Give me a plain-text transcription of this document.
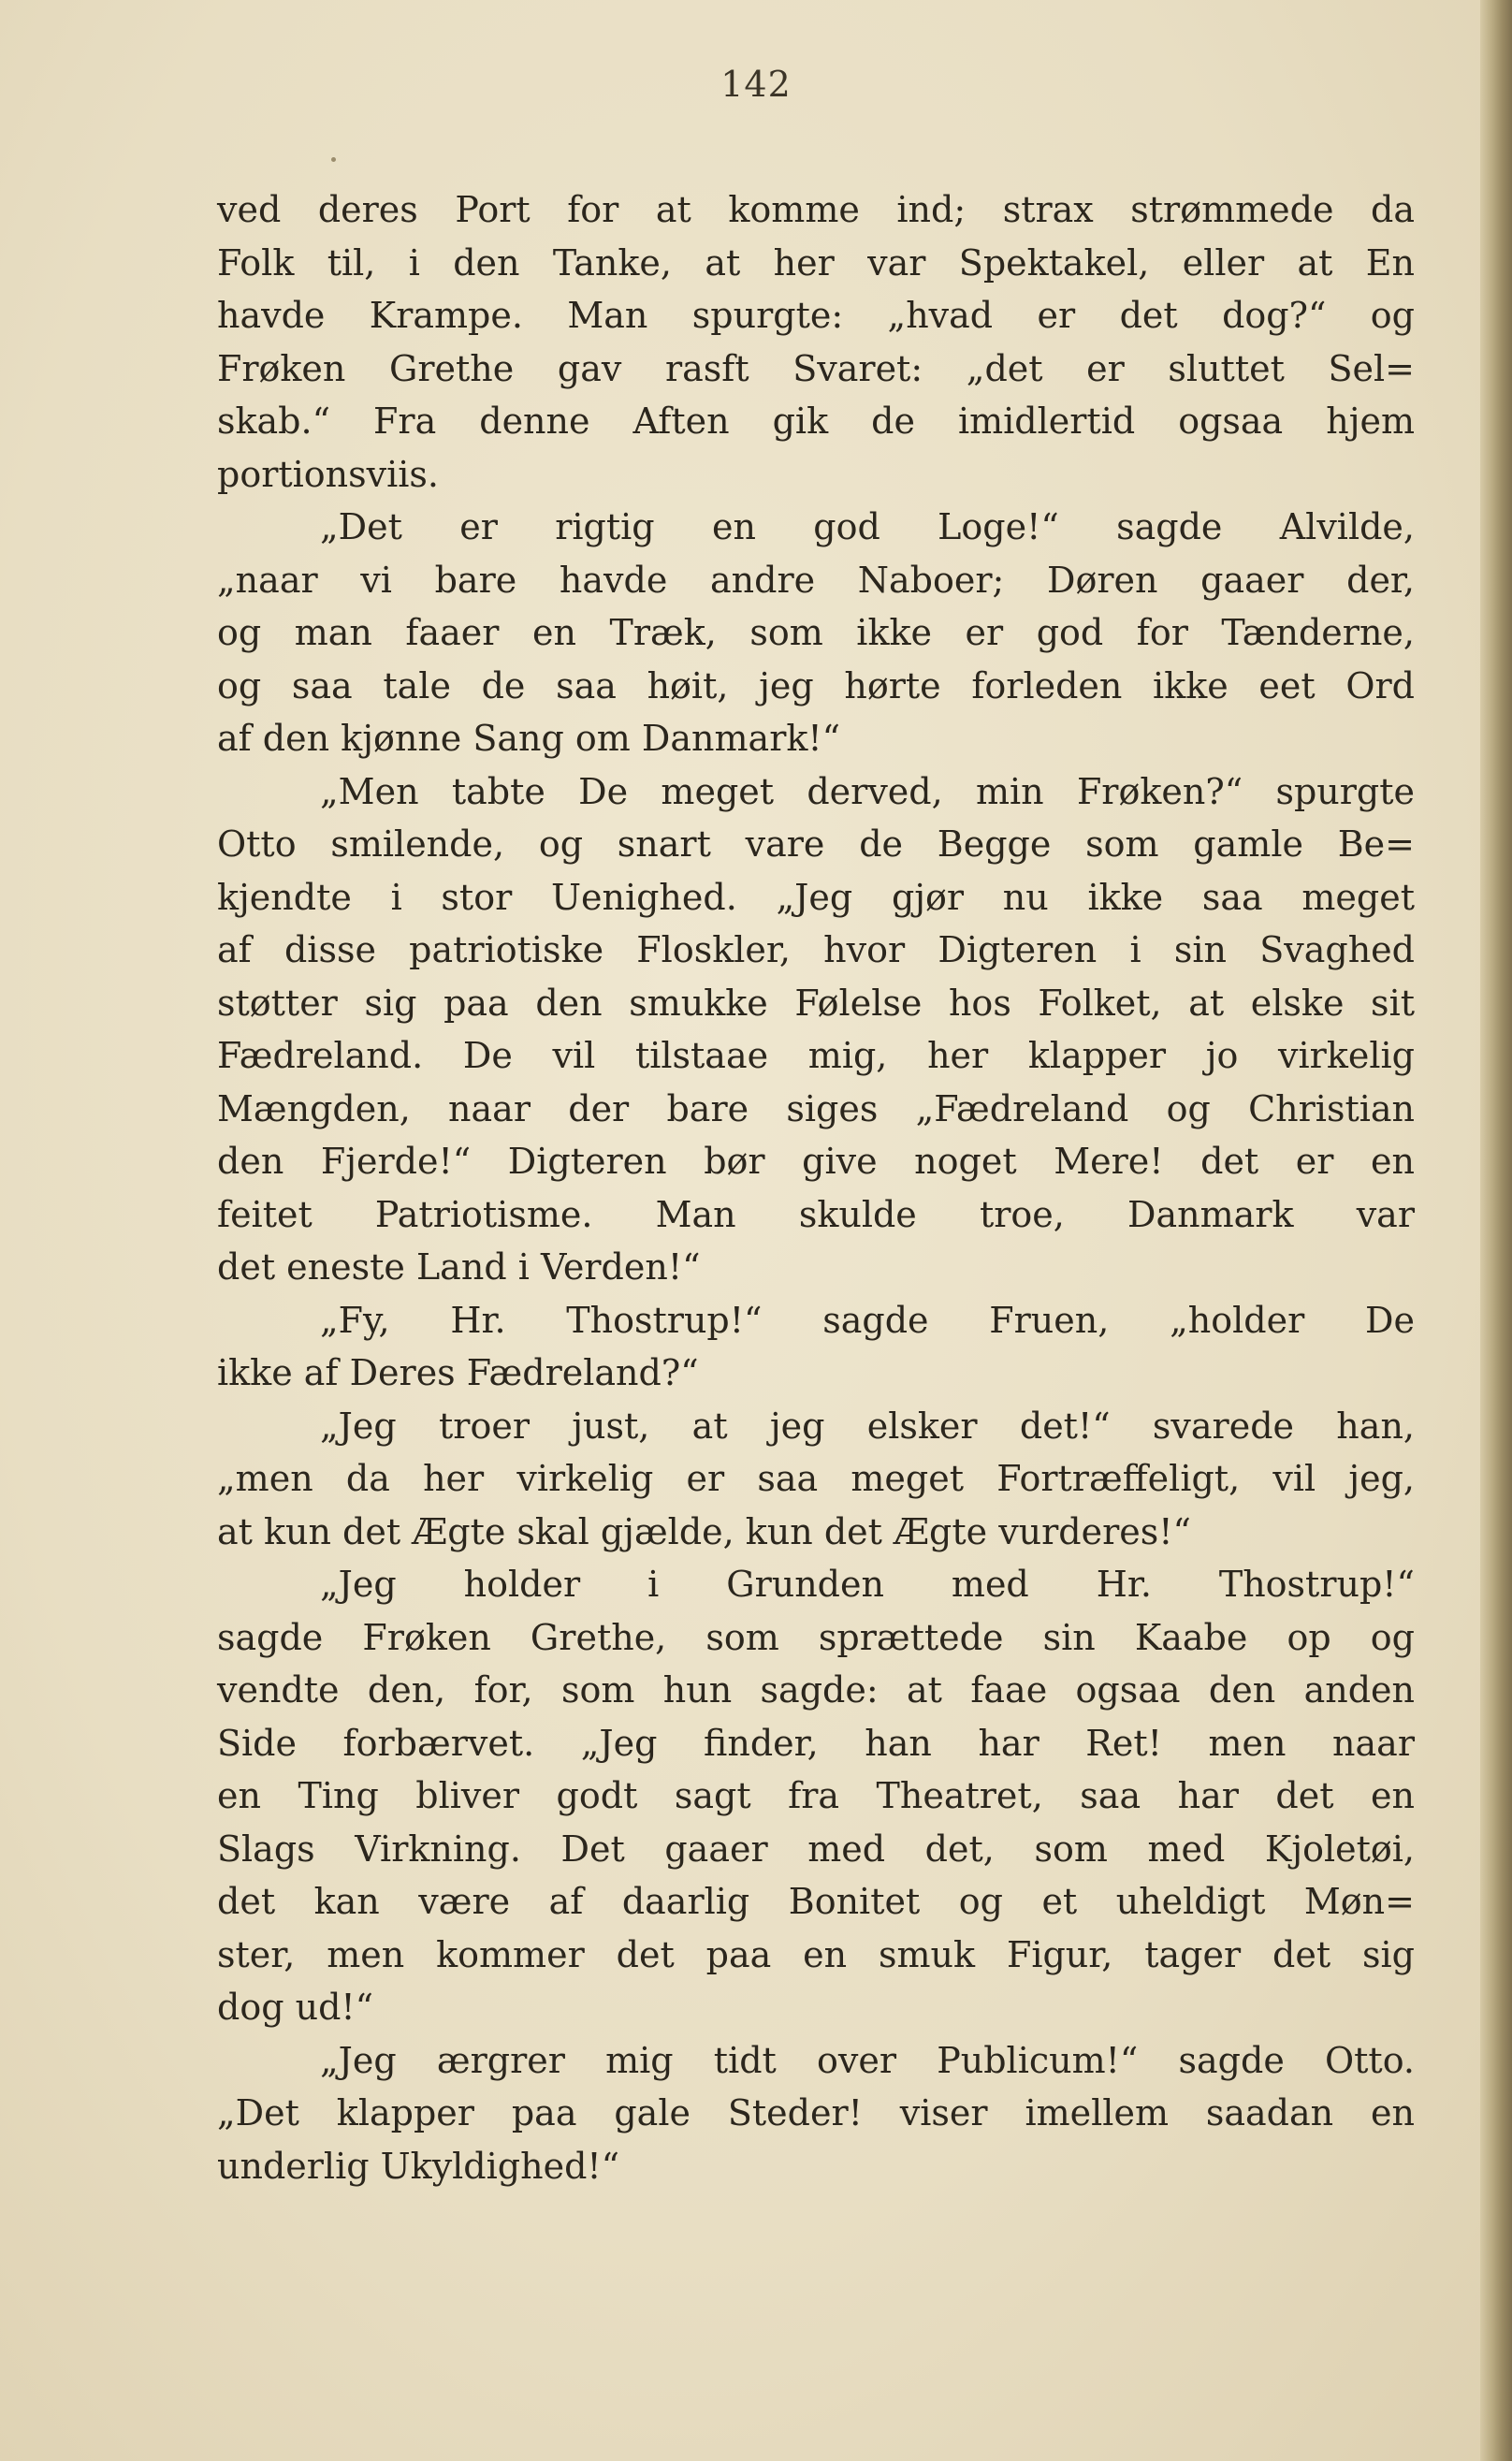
142
ved deres Port for at komme ind; strax strømmede da
Folk til, i den Tanke, at her var Spektakel, eller at En
havde Krampe. Man spurgte: „hvad er det dog?“ og
Frøken Grethe gav rasft Svaret: „det er sluttet Sel=
skab.“ Fra denne Aften gik de imidlertid ogsaa hjem
portionsviis.
„Det er rigtig en god Loge!“ sagde Alvilde,
„naar vi bare havde andre Naboer; Døren gaaer der,
og man faaer en Træk, som ikke er god for Tænderne,
og saa tale de saa høit, jeg hørte forleden ikke eet Ord
af den kjønne Sang om Danmark!“
„Men tabte De meget derved, min Frøken?“ spurgte
Otto smilende, og snart vare de Begge som gamle Be=
kjendte i stor Uenighed. „Jeg gjør nu ikke saa meget
af disse patriotiske Floskler, hvor Digteren i sin Svaghed
støtter sig paa den smukke Følelse hos Folket, at elske sit
Fædreland. De vil tilstaae mig, her klapper jo virkelig
Mængden, naar der bare siges „Fædreland og Christian
den Fjerde!“ Digteren bør give noget Mere! det er en
feitet Patriotisme. Man skulde troe, Danmark var
det eneste Land i Verden!“
„Fy, Hr. Thostrup!“ sagde Fruen, „holder De
ikke af Deres Fædreland?“
„Jeg troer just, at jeg elsker det!“ svarede han,
„men da her virkelig er saa meget Fortræffeligt, vil jeg,
at kun det Ægte skal gjælde, kun det Ægte vurderes!“
„Jeg holder i Grunden med Hr. Thostrup!“
sagde Frøken Grethe, som sprættede sin Kaabe op og
vendte den, for, som hun sagde: at faae ogsaa den anden
Side forbærvet. „Jeg finder, han har Ret! men naar
en Ting bliver godt sagt fra Theatret, saa har det en
Slags Virkning. Det gaaer med det, som med Kjoletøi,
det kan være af daarlig Bonitet og et uheldigt Møn=
ster, men kommer det paa en smuk Figur, tager det sig
dog ud!“
„Jeg ærgrer mig tidt over Publicum!“ sagde Otto.
„Det klapper paa gale Steder! viser imellem saadan en
underlig Ukyldighed!“
